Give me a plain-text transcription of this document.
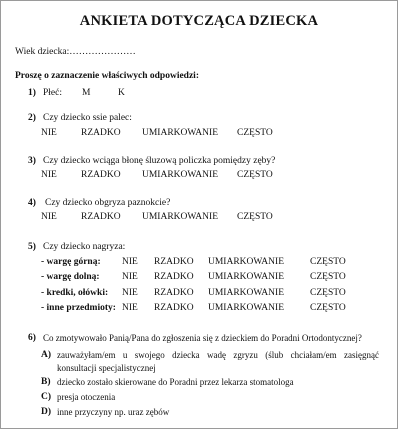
ANKIETA DOTYCZĄCA DZIECKA
Wiek dziecka:…………………
Proszę o zaznaczenie właściwych odpowiedzi:
1) Płeć: M	K
2) Czy dziecko ssie palec:
NIE	RZADKO UMIARKOWANIE CZĘSTO
3) Czy dziecko wciąga błonę śluzową policzka pomiędzy zęby?
NIE	RZADKO UMIARKOWANIE CZĘSTO
4) Czy dziecko obgryza paznokcie?
NIE	RZADKO UMIARKOWANIE CZĘSTO
5) Czy dziecko nagryza:
- wargę górną: NIE RZADKO UMIARKOWANIE	CZĘSTO
- wargę dolną: NIE RZADKO UMIARKOWANIE	CZĘSTO
- kredki, ołówki: NIE RZADKO UMIARKOWANIE	CZĘSTO
- inne przedmioty: NIE RZADKO UMIARKOWANIE	CZĘSTO
6) Co zmotywowało Panią/Pana do zgłoszenia się z dzieckiem do Poradni Ortodontycznej?
A) zauważyłam/em u swojego dziecka wadę zgryzu (ślub chciałam/em zasięgnąć konsultacji specjalistycznej
B) dziecko zostało skierowane do Poradni przez lekarza stomatologa
C) presja otoczenia
D) inne przyczyny np. uraz zębów
